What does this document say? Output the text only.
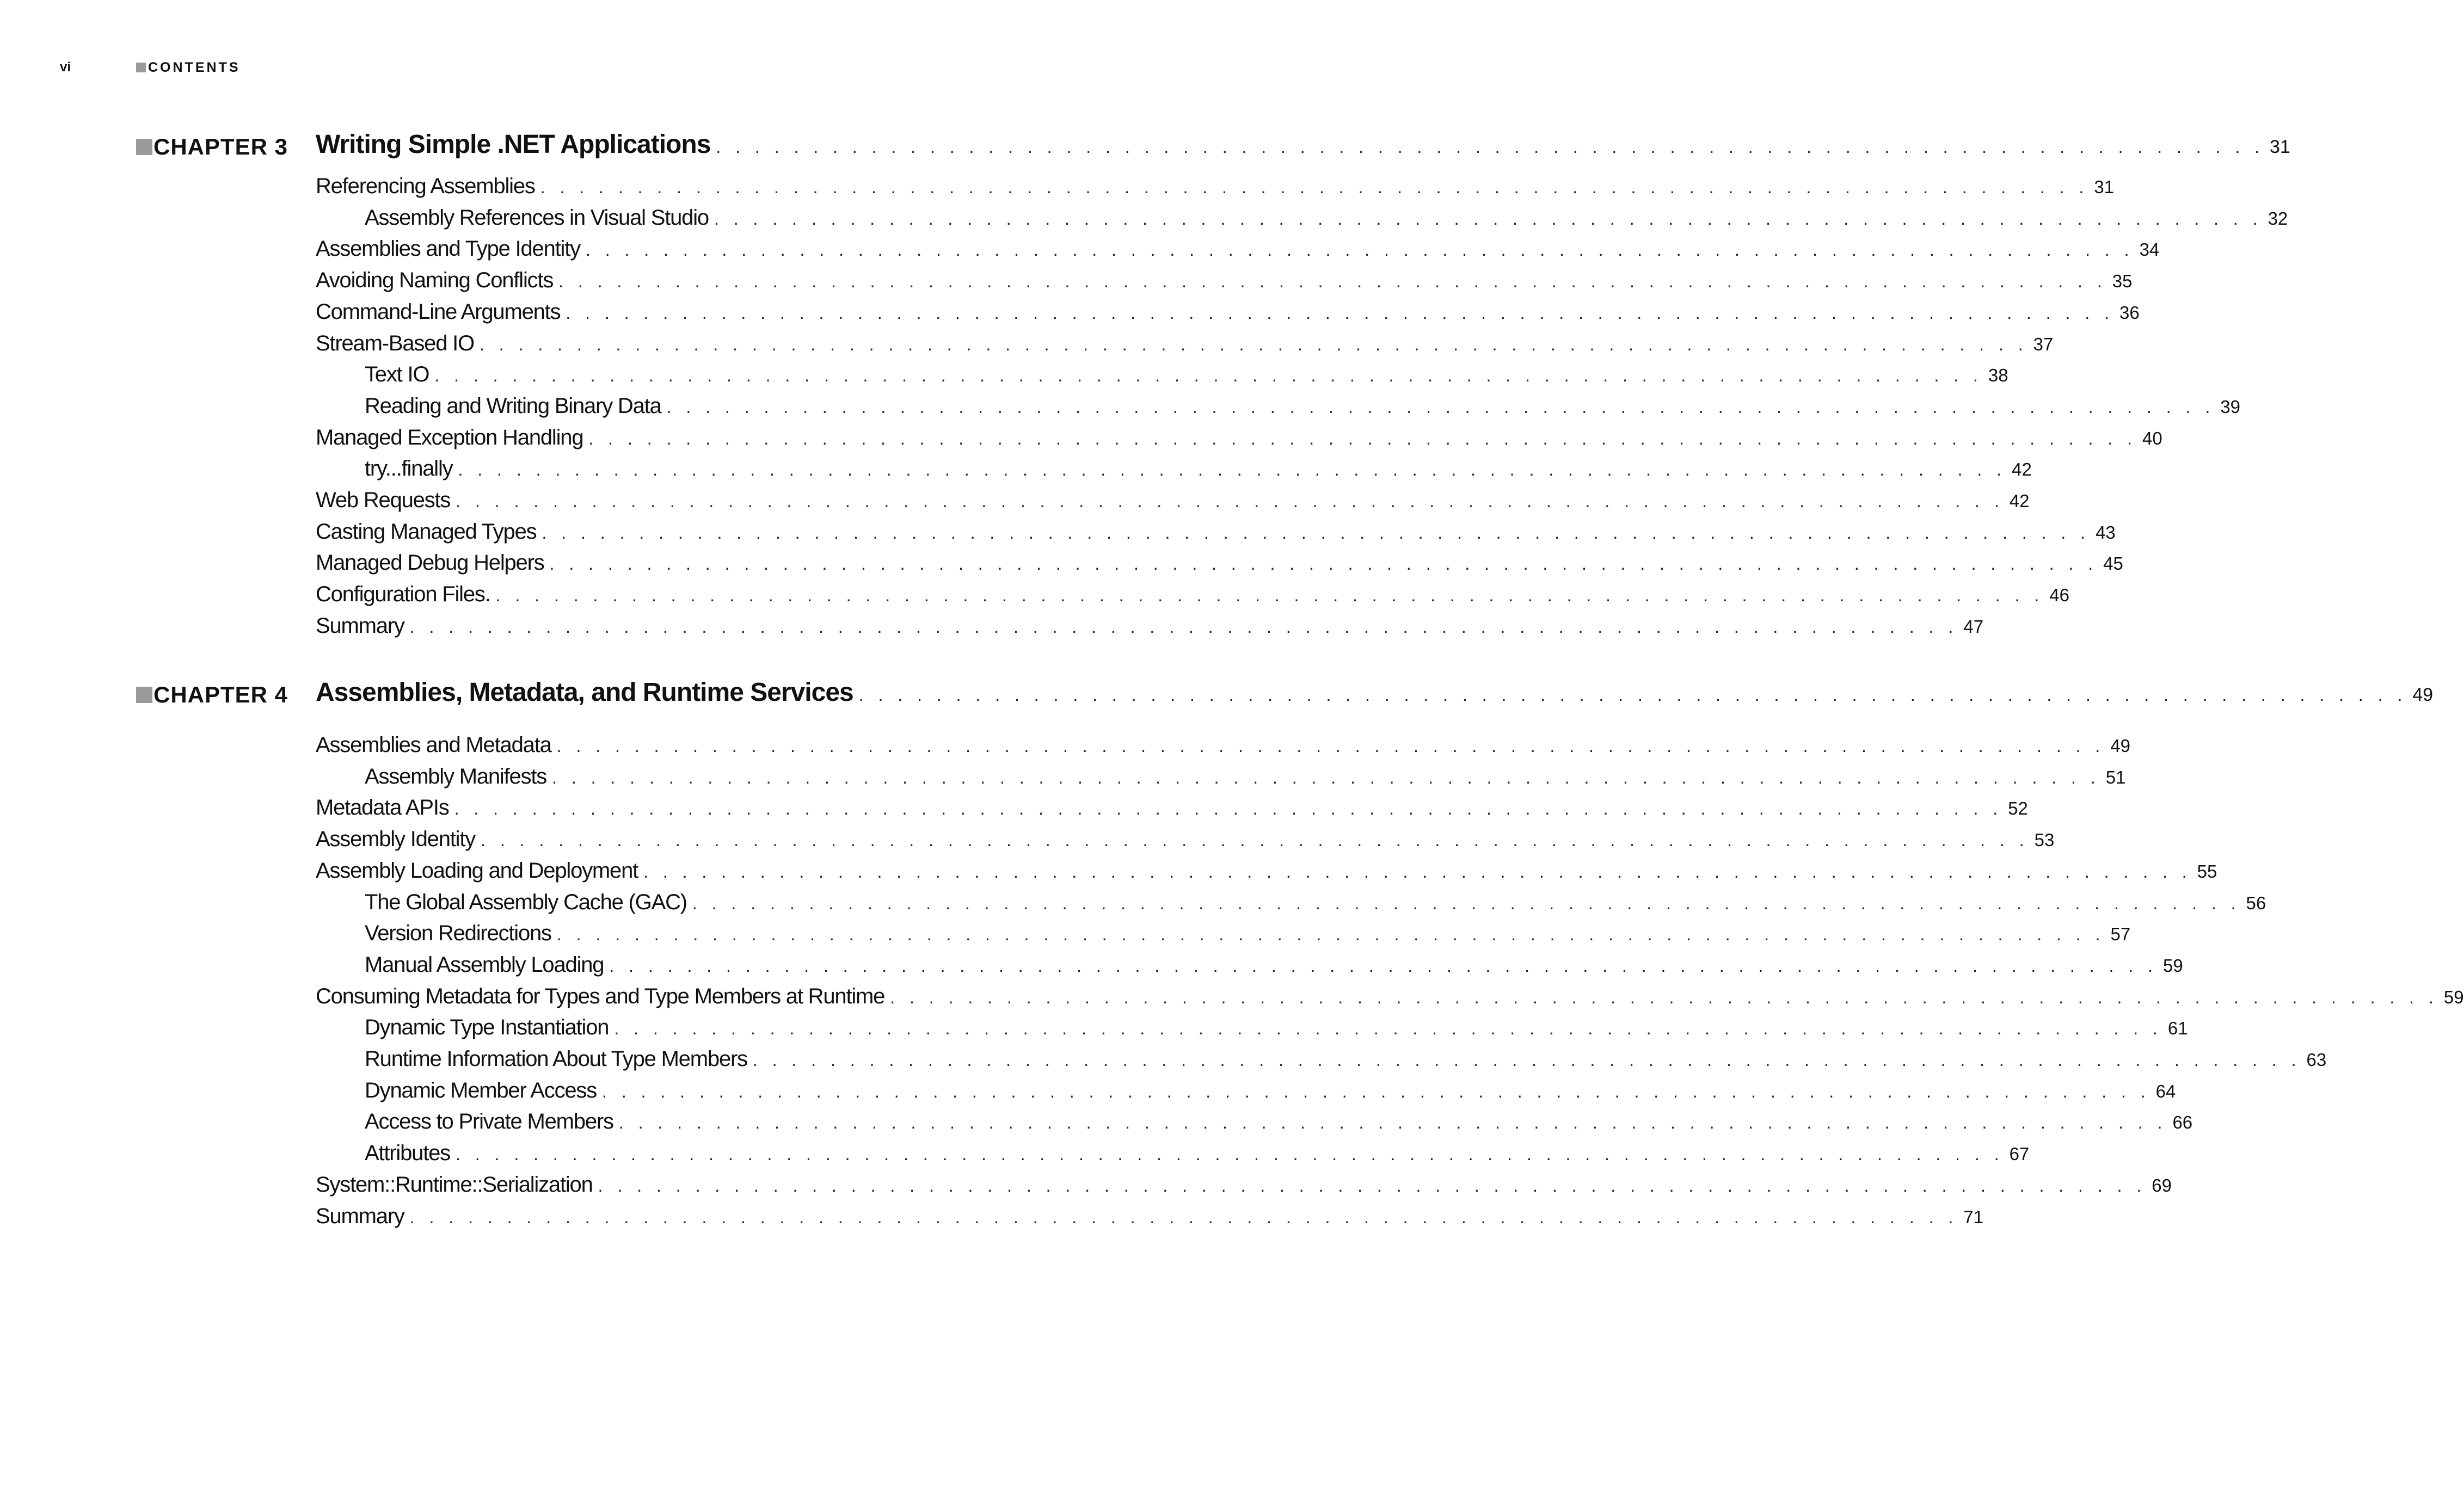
vi	CONTENTS
CHAPTER 3 Writing Simple .NET Applications . . . . . . . . . . . . . . . . . . . . . . . . . . . . . . . . . . . . . . . . . . . . . . . . . . . . . . . . . . . . . . . . . . . . . . . . . . . . . . . . 31
Referencing Assemblies . . . . . . . . . . . . . . . . . . . . . . . . . . . . . . . . . . . . . . . . . . . . . . . . . . . . . . . . . . . . . . . . . . . . . . . . . . . . . . . . 31
Assembly References in Visual Studio . . . . . . . . . . . . . . . . . . . . . . . . . . . . . . . . . . . . . . . . . . . . . . . . . . . . . . . . . . . . . . . . . . . . . . . . . . . . . . . . 32
Assemblies and Type Identity . . . . . . . . . . . . . . . . . . . . . . . . . . . . . . . . . . . . . . . . . . . . . . . . . . . . . . . . . . . . . . . . . . . . . . . . . . . . . . . . 34
Avoiding Naming Conflicts . . . . . . . . . . . . . . . . . . . . . . . . . . . . . . . . . . . . . . . . . . . . . . . . . . . . . . . . . . . . . . . . . . . . . . . . . . . . . . . . 35
Command-Line Arguments . . . . . . . . . . . . . . . . . . . . . . . . . . . . . . . . . . . . . . . . . . . . . . . . . . . . . . . . . . . . . . . . . . . . . . . . . . . . . . . . 36
Stream-Based IO . . . . . . . . . . . . . . . . . . . . . . . . . . . . . . . . . . . . . . . . . . . . . . . . . . . . . . . . . . . . . . . . . . . . . . . . . . . . . . . . 37
Text IO . . . . . . . . . . . . . . . . . . . . . . . . . . . . . . . . . . . . . . . . . . . . . . . . . . . . . . . . . . . . . . . . . . . . . . . . . . . . . . . . 38
Reading and Writing Binary Data . . . . . . . . . . . . . . . . . . . . . . . . . . . . . . . . . . . . . . . . . . . . . . . . . . . . . . . . . . . . . . . . . . . . . . . . . . . . . . . . 39
Managed Exception Handling . . . . . . . . . . . . . . . . . . . . . . . . . . . . . . . . . . . . . . . . . . . . . . . . . . . . . . . . . . . . . . . . . . . . . . . . . . . . . . . . 40
try...finally . . . . . . . . . . . . . . . . . . . . . . . . . . . . . . . . . . . . . . . . . . . . . . . . . . . . . . . . . . . . . . . . . . . . . . . . . . . . . . . . 42
Web Requests . . . . . . . . . . . . . . . . . . . . . . . . . . . . . . . . . . . . . . . . . . . . . . . . . . . . . . . . . . . . . . . . . . . . . . . . . . . . . . . . 42
Casting Managed Types . . . . . . . . . . . . . . . . . . . . . . . . . . . . . . . . . . . . . . . . . . . . . . . . . . . . . . . . . . . . . . . . . . . . . . . . . . . . . . . . 43
Managed Debug Helpers . . . . . . . . . . . . . . . . . . . . . . . . . . . . . . . . . . . . . . . . . . . . . . . . . . . . . . . . . . . . . . . . . . . . . . . . . . . . . . . . 45
Configuration Files. . . . . . . . . . . . . . . . . . . . . . . . . . . . . . . . . . . . . . . . . . . . . . . . . . . . . . . . . . . . . . . . . . . . . . . . . . . . . . . . . 46
Summary . . . . . . . . . . . . . . . . . . . . . . . . . . . . . . . . . . . . . . . . . . . . . . . . . . . . . . . . . . . . . . . . . . . . . . . . . . . . . . . . 47
CHAPTER 4 Assemblies, Metadata, and Runtime Services . . . . . . . . . . . . . . . . . . . . . . . . . . . . . . . . . . . . . . . . . . . . . . . . . . . . . . . . . . . . . . . . . . . . . . . . . . . . . . . . 49
Assemblies and Metadata . . . . . . . . . . . . . . . . . . . . . . . . . . . . . . . . . . . . . . . . . . . . . . . . . . . . . . . . . . . . . . . . . . . . . . . . . . . . . . . . 49
Assembly Manifests . . . . . . . . . . . . . . . . . . . . . . . . . . . . . . . . . . . . . . . . . . . . . . . . . . . . . . . . . . . . . . . . . . . . . . . . . . . . . . . . 51
Metadata APIs . . . . . . . . . . . . . . . . . . . . . . . . . . . . . . . . . . . . . . . . . . . . . . . . . . . . . . . . . . . . . . . . . . . . . . . . . . . . . . . . 52
Assembly Identity . . . . . . . . . . . . . . . . . . . . . . . . . . . . . . . . . . . . . . . . . . . . . . . . . . . . . . . . . . . . . . . . . . . . . . . . . . . . . . . . 53
Assembly Loading and Deployment . . . . . . . . . . . . . . . . . . . . . . . . . . . . . . . . . . . . . . . . . . . . . . . . . . . . . . . . . . . . . . . . . . . . . . . . . . . . . . . . 55
The Global Assembly Cache (GAC) . . . . . . . . . . . . . . . . . . . . . . . . . . . . . . . . . . . . . . . . . . . . . . . . . . . . . . . . . . . . . . . . . . . . . . . . . . . . . . . . 56
Version Redirections . . . . . . . . . . . . . . . . . . . . . . . . . . . . . . . . . . . . . . . . . . . . . . . . . . . . . . . . . . . . . . . . . . . . . . . . . . . . . . . . 57
Manual Assembly Loading . . . . . . . . . . . . . . . . . . . . . . . . . . . . . . . . . . . . . . . . . . . . . . . . . . . . . . . . . . . . . . . . . . . . . . . . . . . . . . . . 59
Consuming Metadata for Types and Type Members at Runtime . . . . . . . . . . . . . . . . . . . . . . . . . . . . . . . . . . . . . . . . . . . . . . . . . . . . . . . . . . . . . . . . . . . . . . . . . . . . . . . . 59
Dynamic Type Instantiation . . . . . . . . . . . . . . . . . . . . . . . . . . . . . . . . . . . . . . . . . . . . . . . . . . . . . . . . . . . . . . . . . . . . . . . . . . . . . . . . 61
Runtime Information About Type Members . . . . . . . . . . . . . . . . . . . . . . . . . . . . . . . . . . . . . . . . . . . . . . . . . . . . . . . . . . . . . . . . . . . . . . . . . . . . . . . . 63
Dynamic Member Access . . . . . . . . . . . . . . . . . . . . . . . . . . . . . . . . . . . . . . . . . . . . . . . . . . . . . . . . . . . . . . . . . . . . . . . . . . . . . . . . 64
Access to Private Members . . . . . . . . . . . . . . . . . . . . . . . . . . . . . . . . . . . . . . . . . . . . . . . . . . . . . . . . . . . . . . . . . . . . . . . . . . . . . . . . 66
Attributes . . . . . . . . . . . . . . . . . . . . . . . . . . . . . . . . . . . . . . . . . . . . . . . . . . . . . . . . . . . . . . . . . . . . . . . . . . . . . . . . 67
System::Runtime::Serialization . . . . . . . . . . . . . . . . . . . . . . . . . . . . . . . . . . . . . . . . . . . . . . . . . . . . . . . . . . . . . . . . . . . . . . . . . . . . . . . . 69
Summary . . . . . . . . . . . . . . . . . . . . . . . . . . . . . . . . . . . . . . . . . . . . . . . . . . . . . . . . . . . . . . . . . . . . . . . . . . . . . . . . 71
